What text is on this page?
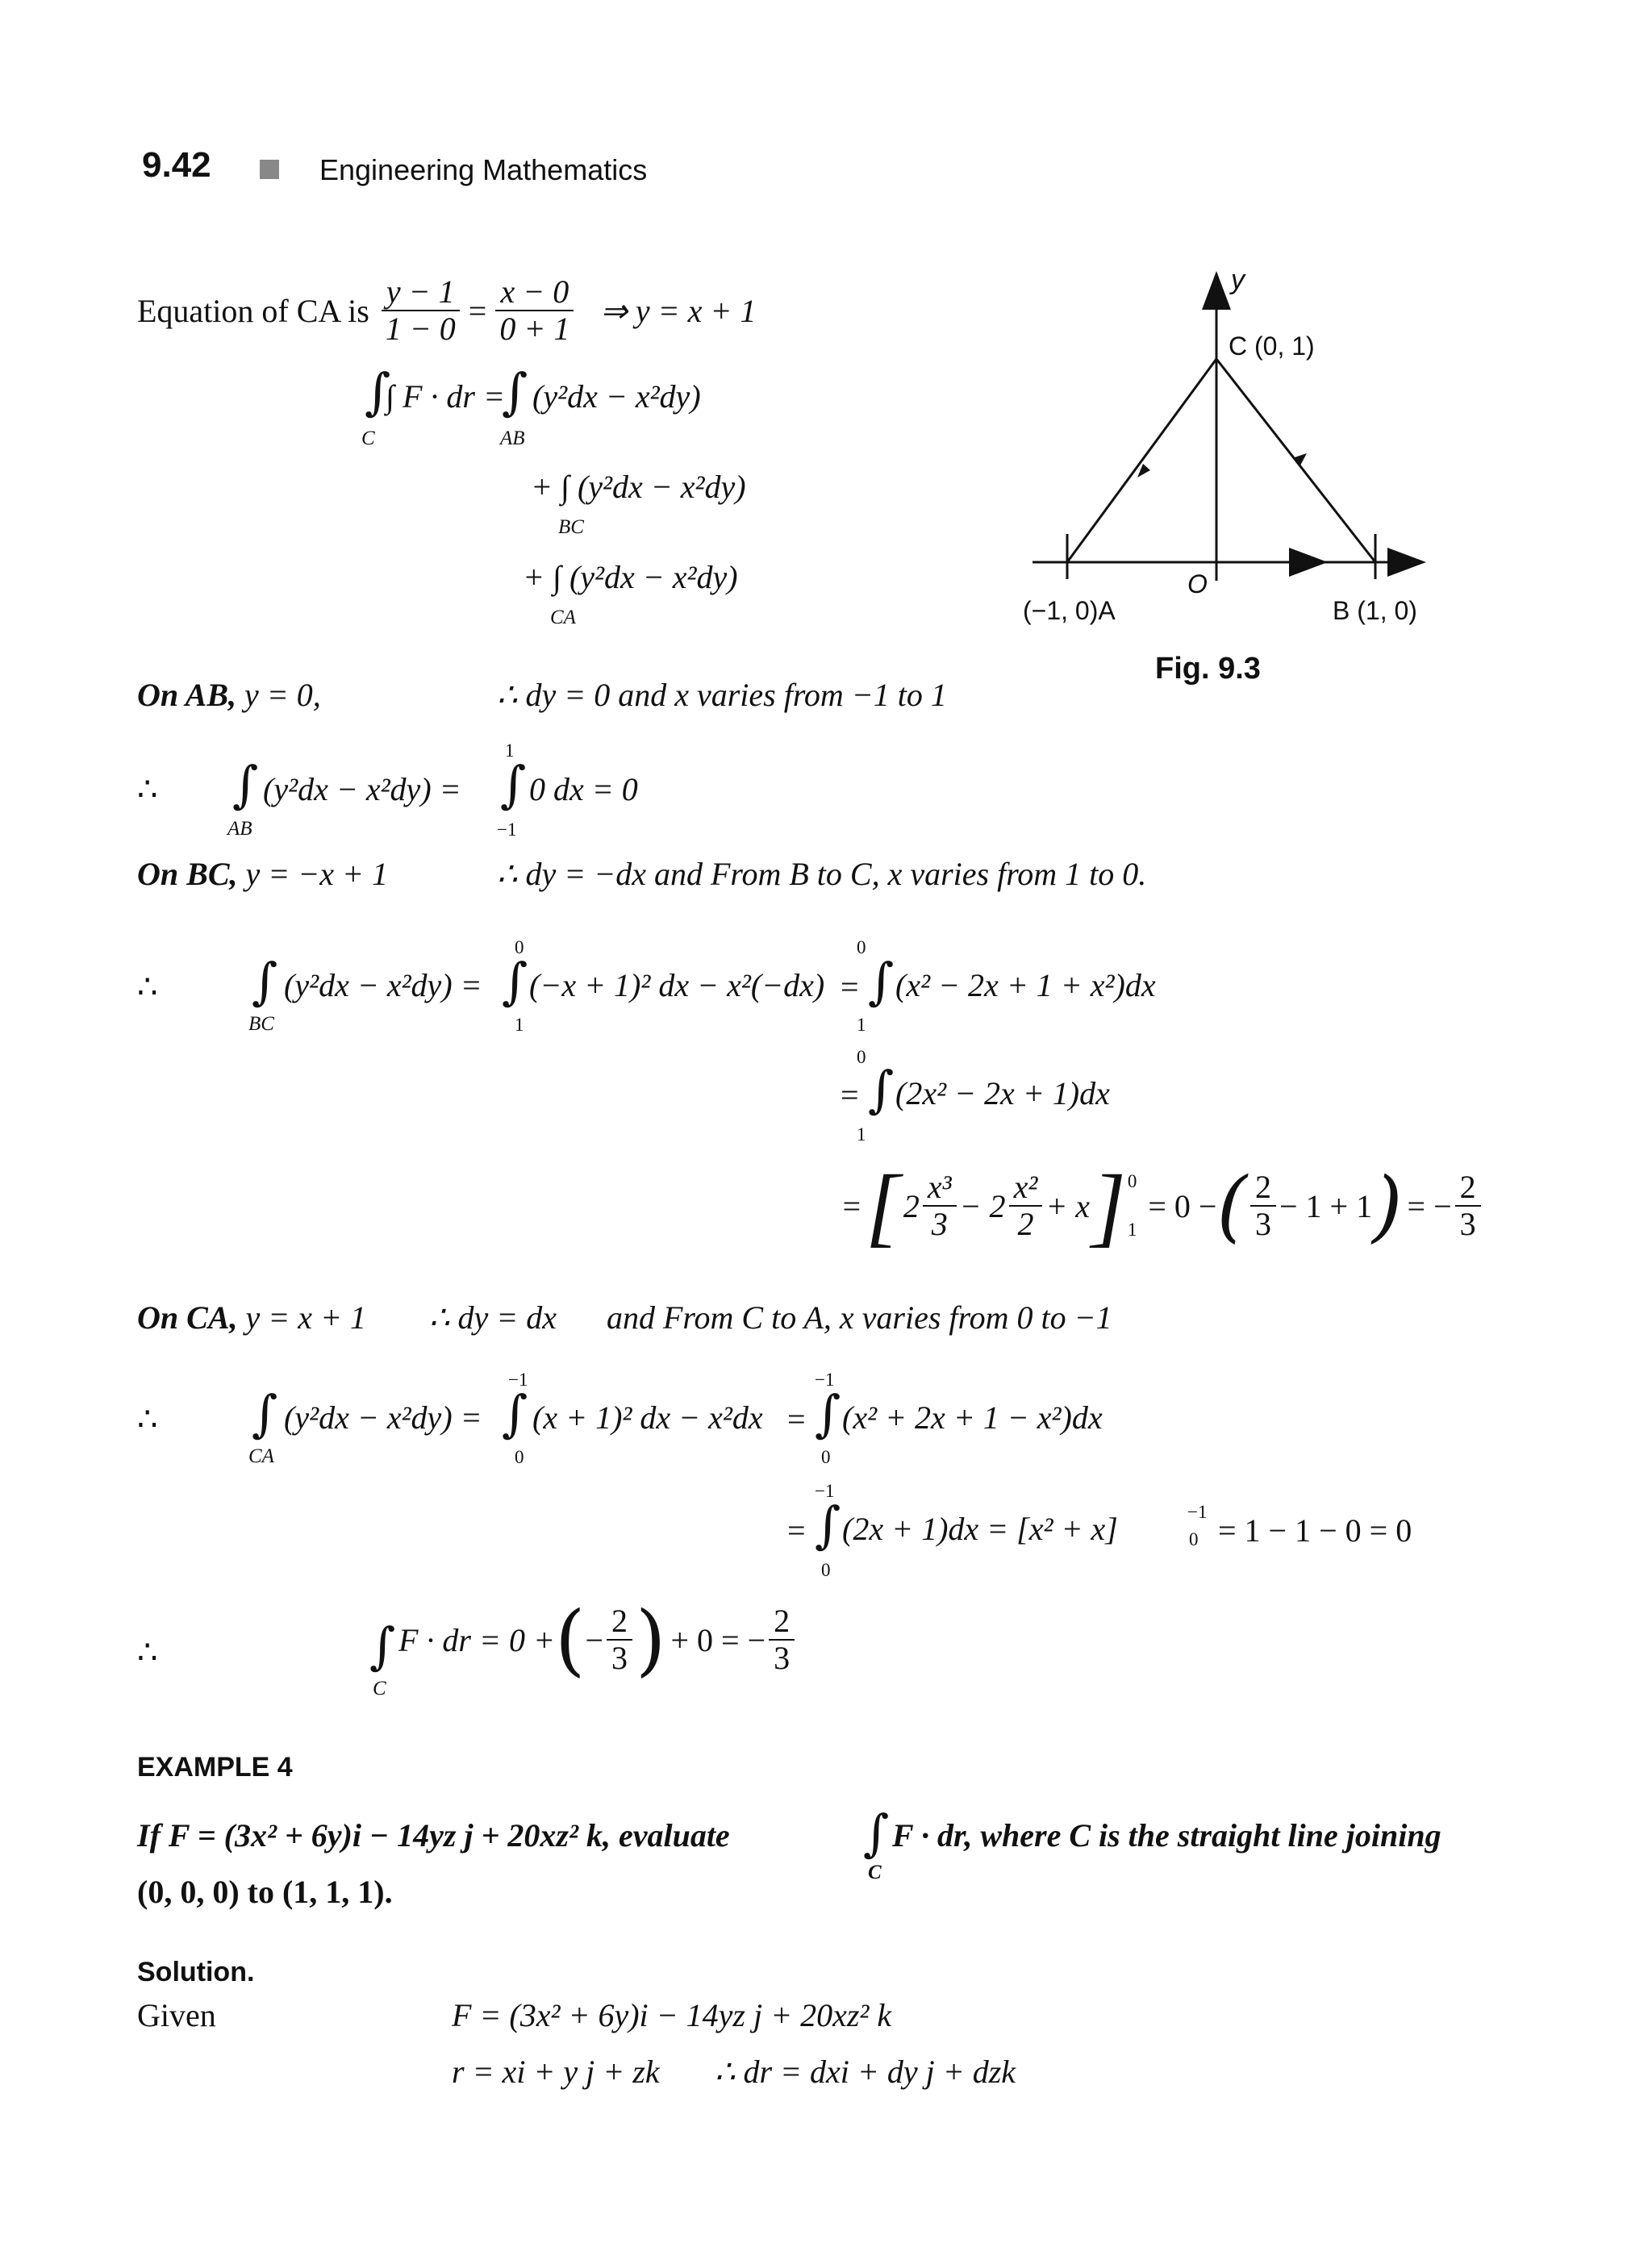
9.42	Engineering Mathematics
y
C (0, 1)
O
(−1, 0)A	B (1, 0)
Fig. 9.3
Equation of CA is $\frac{y - 1}{1 - 0} = \frac{x - 0}{0 + 1}$ ⇒ y = x + 1
∫
∫ F · dr =
C
∫ (y²dx − x²dy)
AB
+ ∫ (y²dx − x²dy)
BC
+ ∫ (y²dx − x²dy)
CA
On AB, y = 0,	∴ dy = 0 and x varies from −1 to 1
∴ ∫ (y²dx − x²dy) =
AB
∫
1
−1
0 dx = 0
On BC, y = −x + 1	∴ dy = −dx and From B to C, x varies from 1 to 0.
∴ ∫ (y²dx − x²dy) =
BC
∫
0
1
(−x + 1)² dx − x²(−dx) = ∫
0
1
(x² − 2x + 1 + x²)dx
= ∫
0
1
(2x² − 2x + 1)dx
= [ $2 \frac{\text{x³}}{3} - 2 \frac{\text{x²}}{2} + x$ ] 0
1
= 0 − ( $\frac{2}{3} - 1 + 1$ ) = − $\frac{2}{3}$
On CA, y = x + 1 ∴ dy = dx and From C to A, x varies from 0 to −1
∴ ∫ (y²dx − x²dy) =
CA
∫
−1
0
(x + 1)² dx − x²dx = ∫
−1
0
(x² + 2x + 1 − x²)dx
= ∫
−1
0
(2x + 1)dx = [x² + x]	−1
0 = 1 − 1 − 0 = 0
∴	∫
C
F · dr = 0 + ( − $\frac{2}{3}$ ) + 0 = − $\frac{2}{3}$
EXAMPLE 4
If F = (3x² + 6y)i − 14yz j + 20xz² k, evaluate	∫
C
F · dr, where C is the straight line joining
(0, 0, 0) to (1, 1, 1).
Solution.
Given	F = (3x² + 6y)i − 14yz j + 20xz² k
r = xi + y j + zk ∴ dr = dxi + dy j + dzk
